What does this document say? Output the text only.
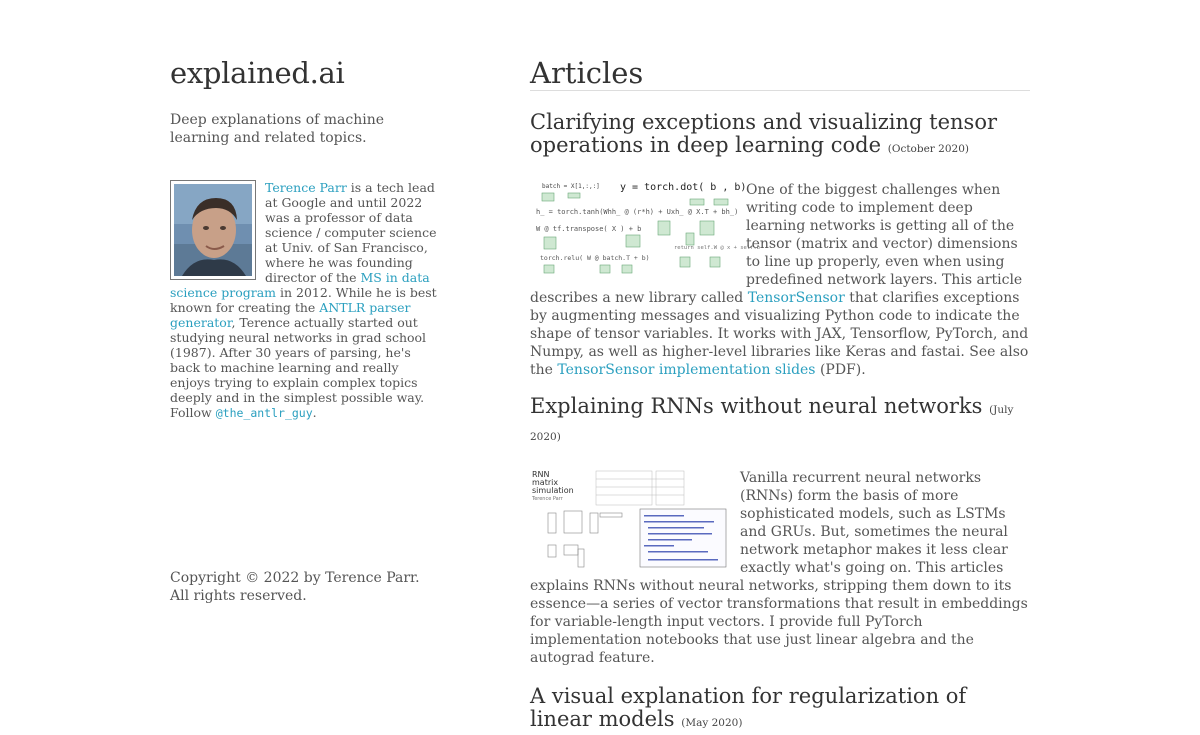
explained.ai
Deep explanations of machine learning and related topics.
Terence Parr is a tech lead at Google and until 2022 was a professor of data science / computer science at Univ. of San Francisco, where he was founding director of the MS in data science program in 2012. While he is best known for creating the ANTLR parser generator, Terence actually started out studying neural networks in grad school (1987). After 30 years of parsing, he's back to machine learning and really enjoys trying to explain complex topics deeply and in the simplest possible way. Follow @the_antlr_guy.
Copyright © 2022 by Terence Parr.
All rights reserved.
Articles
Clarifying exceptions and visualizing tensor operations in deep learning code (October 2020)
batch = X[1,:,:] y = torch.dot( b , b)
h_ = torch.tanh(Whh_ @ (r*h) + Uxh_ @ X.T + bh_)
W @ tf.transpose( X ) + b
torch.relu( W @ batch.T + b)
return self.W @ x + self.b
One of the biggest challenges when writing code to implement deep learning networks is getting all of the tensor (matrix and vector) dimensions to line up properly, even when using predefined network layers. This article describes a new library called TensorSensor that clarifies exceptions by augmenting messages and visualizing Python code to indicate the shape of tensor variables. It works with JAX, Tensorflow, PyTorch, and Numpy, as well as higher-level libraries like Keras and fastai. See also the TensorSensor implementation slides (PDF).
Explaining RNNs without neural networks (July 2020)
RNN
matrix
simulation
Terence Parr
Vanilla recurrent neural networks (RNNs) form the basis of more sophisticated models, such as LSTMs and GRUs. But, sometimes the neural network metaphor makes it less clear exactly what's going on. This articles explains RNNs without neural networks, stripping them down to its essence—a series of vector transformations that result in embeddings for variable-length input vectors. I provide full PyTorch implementation notebooks that use just linear algebra and the autograd feature.
A visual explanation for regularization of linear models (May 2020)
